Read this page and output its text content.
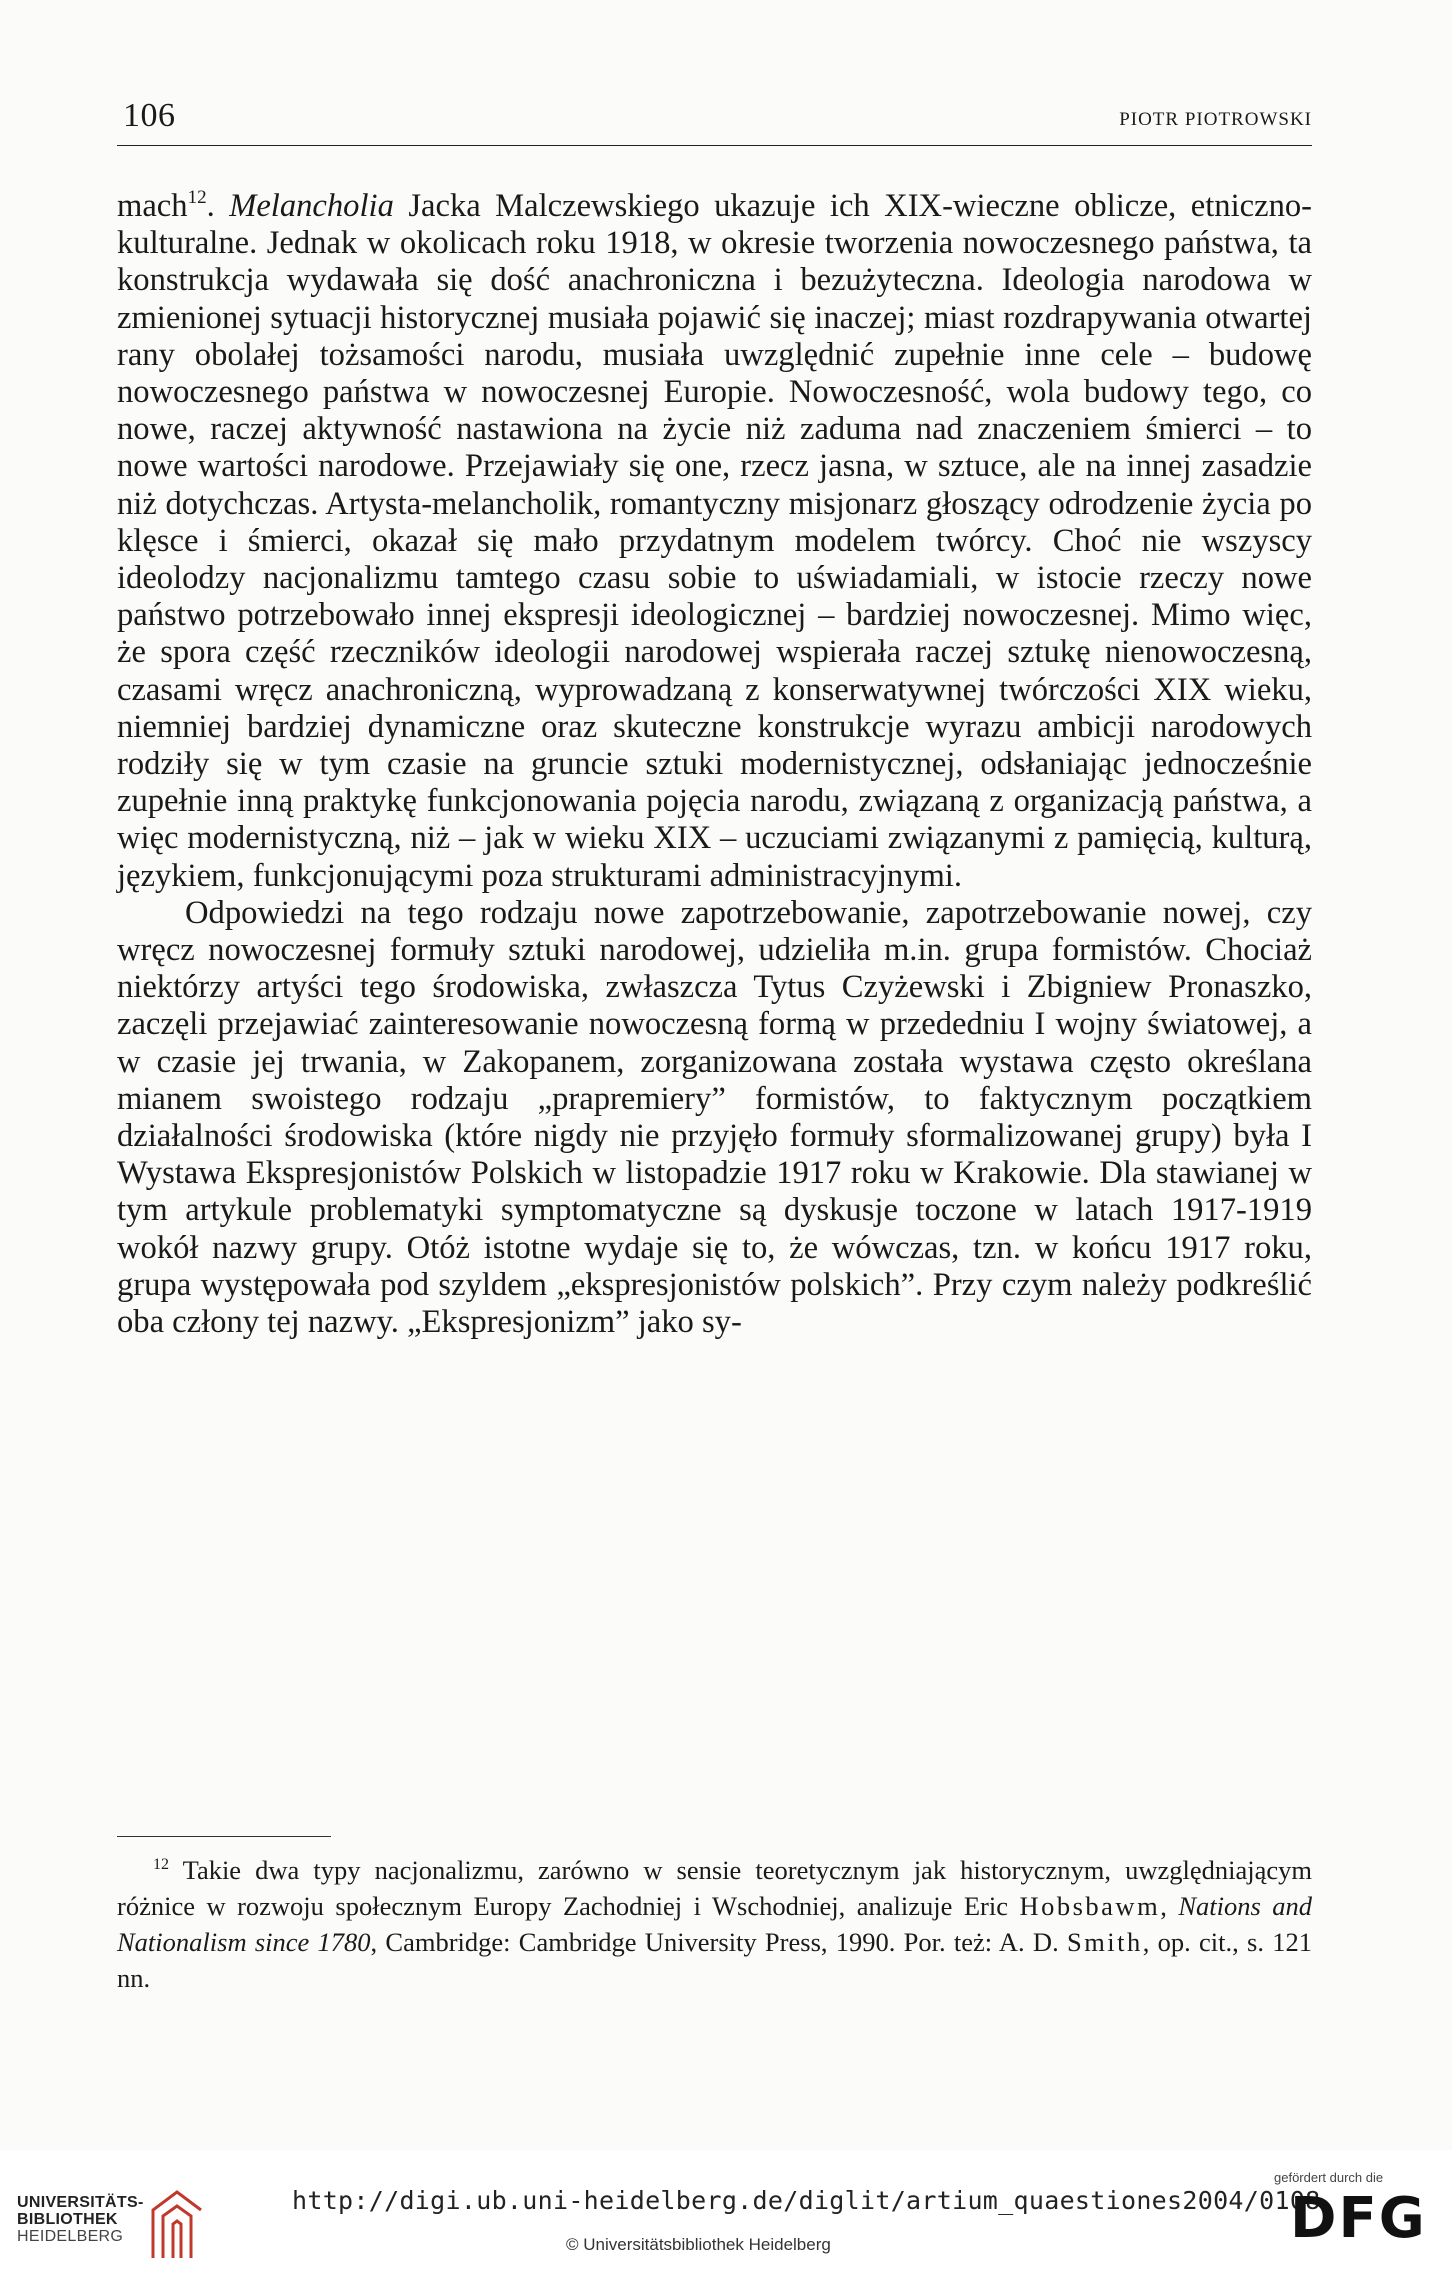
106	PIOTR PIOTROWSKI

mach$^{12}$. Melancholia Jacka Malczewskiego ukazuje ich XIX-wieczne oblicze, etniczno-kulturalne. Jednak w okolicach roku 1918, w okresie tworzenia nowoczesnego państwa, ta konstrukcja wydawała się dość anachroniczna i bezużyteczna. Ideologia narodowa w zmienionej sytuacji historycznej musiała pojawić się inaczej; miast rozdrapywania otwartej rany obolałej tożsamości narodu, musiała uwzględnić zupełnie inne cele – budowę nowoczesnego państwa w nowoczesnej Europie. Nowoczesność, wola budowy tego, co nowe, raczej aktywność nastawiona na życie niż zaduma nad znaczeniem śmierci – to nowe wartości narodowe. Przejawiały się one, rzecz jasna, w sztuce, ale na innej zasadzie niż dotychczas. Artysta-melancholik, romantyczny misjonarz głoszący odrodzenie życia po klęsce i śmierci, okazał się mało przydatnym modelem twórcy. Choć nie wszyscy ideolodzy nacjonalizmu tamtego czasu sobie to uświadamiali, w istocie rzeczy nowe państwo potrzebowało innej ekspresji ideologicznej – bardziej nowoczesnej. Mimo więc, że spora część rzeczników ideologii narodowej wspierała raczej sztukę nienowoczesną, czasami wręcz anachroniczną, wyprowadzaną z konserwatywnej twórczości XIX wieku, niemniej bardziej dynamiczne oraz skuteczne konstrukcje wyrazu ambicji narodowych rodziły się w tym czasie na gruncie sztuki modernistycznej, odsłaniając jednocześnie zupełnie inną praktykę funkcjonowania pojęcia narodu, związaną z organizacją państwa, a więc modernistyczną, niż – jak w wieku XIX – uczuciami związanymi z pamięcią, kulturą, językiem, funkcjonującymi poza strukturami administracyjnymi.

Odpowiedzi na tego rodzaju nowe zapotrzebowanie, zapotrzebowanie nowej, czy wręcz nowoczesnej formuły sztuki narodowej, udzieliła m.in. grupa formistów. Chociaż niektórzy artyści tego środowiska, zwłaszcza Tytus Czyżewski i Zbigniew Pronaszko, zaczęli przejawiać zainteresowanie nowoczesną formą w przededniu I wojny światowej, a w czasie jej trwania, w Zakopanem, zorganizowana została wystawa często określana mianem swoistego rodzaju „prapremiery” formistów, to faktycznym początkiem działalności środowiska (które nigdy nie przyjęło formuły sformalizowanej grupy) była I Wystawa Ekspresjonistów Polskich w listopadzie 1917 roku w Krakowie. Dla stawianej w tym artykule problematyki symptomatyczne są dyskusje toczone w latach 1917-1919 wokół nazwy grupy. Otóż istotne wydaje się to, że wówczas, tzn. w końcu 1917 roku, grupa występowała pod szyldem „ekspresjonistów polskich”. Przy czym należy podkreślić oba człony tej nazwy. „Ekspresjonizm” jako sy-

$^{12}$ Takie dwa typy nacjonalizmu, zarówno w sensie teoretycznym jak historycznym, uwzględniającym różnice w rozwoju społecznym Europy Zachodniej i Wschodniej, analizuje Eric Hobsbawm, Nations and Nationalism since 1780, Cambridge: Cambridge University Press, 1990. Por. też: A. D. Smith, op. cit., s. 121 nn.

UNIVERSITÄTS-
BIBLIOTHEK
HEIDELBERG
http://digi.ub.uni-heidelberg.de/diglit/artium_quaestiones2004/0108
© Universitätsbibliothek Heidelberg
gefördert durch die
DFG
